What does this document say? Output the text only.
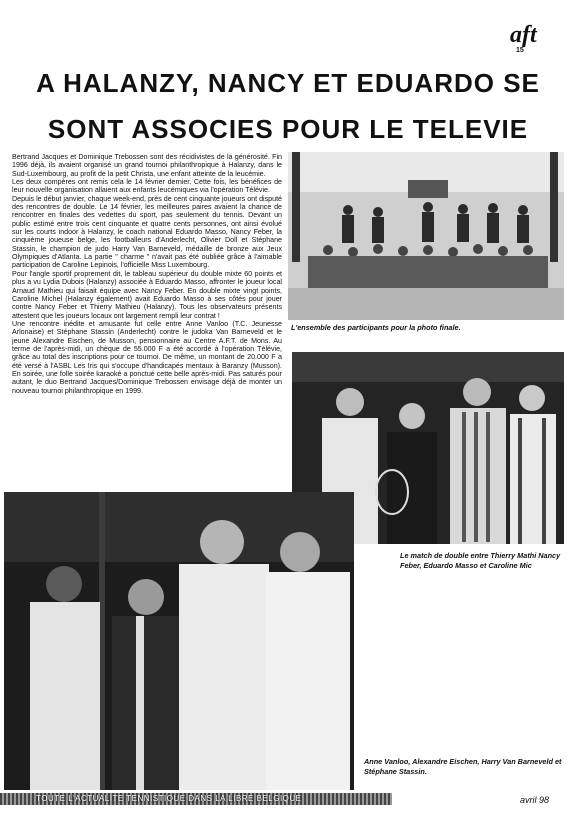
aft
15
A HALANZY, NANCY ET EDUARDO SE
SONT ASSOCIES POUR LE TELEVIE

Bertrand Jacques et Dominique Trebossen sont des récidivistes de la générosité. Fin 1996 déjà, ils avaient organisé un grand tournoi philanthropique à Halanzy, dans le Sud-Luxembourg, au profit de la petit Christa, une enfant atteinte de la leucémie.

Les deux compères ont remis cela le 14 février dernier. Cette fois, les bénéfices de leur nouvelle organisation allaient aux enfants leucémiques via l'opération Télévie.

Depuis le début janvier, chaque week-end, près de cent cinquante joueurs ont disputé des rencontres de double. Le 14 février, les meilleures paires avaient la chance de rencontrer en finales des vedettes du sport, pas seulement du tennis. Devant un public estimé entre trois cent cinquante et quatre cents personnes, ont ainsi évolué sur les courts indoor à Halanzy, le coach national Eduardo Masso, Nancy Feber, la cinquième joueuse belge, les footballeurs d'Anderlecht, Olivier Doll et Stéphane Stassin, le champion de judo Harry Van Barneveld, médaille de bronze aux Jeux Olympiques d'Atlanta. La partie " charme " n'avait pas été oubliée grâce à l'aimable participation de Caroline Lepinois, l'officielle Miss Luxembourg.

Pour l'angle sportif proprement dit, le tableau supérieur du double mixte 60 points et plus a vu Lydia Dubois (Halanzy) associée à Eduardo Masso, affronter le joueur local Arnaud Mathieu qui faisait équipe avec Nancy Feber. En double mixte vingt points, Caroline Michel (Halanzy également) avait Eduardo Masso à ses côtés pour jouer contre Nancy Feber et Thierry Mathieu (Halanzy). Tous les observateurs présents attestent que les joueurs locaux ont largement rempli leur contrat !

Une rencontre inédite et amusante fut celle entre Anne Vanloo (T.C. Jeunesse Arlonaise) et Stéphane Stassin (Anderlecht) contre le judoka Van Barneveld et le jeune Alexandre Eischen, de Musson, pensionnaire au Centre A.F.T. de Mons. Au terme de l'après-midi, un chèque de 55.000 F a été accordé à l'opération Télévie, grâce au total des inscriptions pour ce tournoi. De même, un montant de 20.000 F a été versé à l'ASBL Les Iris qui s'occupe d'handicapés mentaux à Baranzy (Musson). En soirée, une folle soirée karaoké a ponctué cette belle après-midi. Pas saturés pour autant, le duo Bertrand Jacques/Dominique Trebossen envisage déjà de monter un nouveau tournoi philanthropique en 1999.

L'ensemble des participants pour la photo finale.
Le match de double entre Thierry Mathi Nancy Feber, Eduardo Masso et Caroline Mic
Anne Vanloo, Alexandre Eischen, Harry Van Barneveld et Stéphane Stassin.
TOUTE L'ACTUALITE TENNISTIQUE DANS LA LIBRE BELGIQUE	avril 98
